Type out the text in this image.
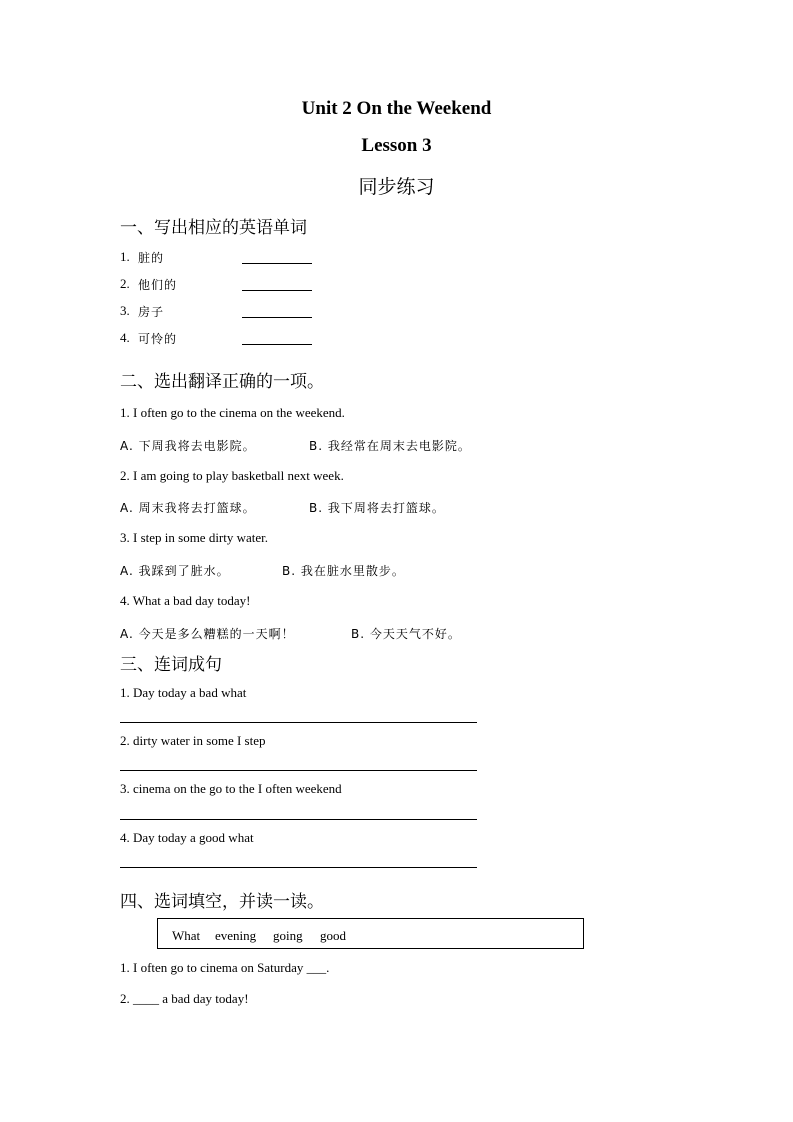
Unit 2 On the Weekend
Lesson 3
同步练习
一、写出相应的英语单词
1. 脏的
2. 他们的
3. 房子
4. 可怜的
二、选出翻译正确的一项。
1. I often go to the cinema on the weekend.
A. 下周我将去电影院。	B. 我经常在周末去电影院。
2. I am going to play basketball next week.
A. 周末我将去打篮球。	B. 我下周将去打篮球。
3. I step in some dirty water.
A. 我踩到了脏水。	B. 我在脏水里散步。
4. What a bad day today!
A. 今天是多么糟糕的一天啊！	B. 今天天气不好。
三、连词成句
1. Day today a bad what
2. dirty water in some I step
3. cinema on the go to the I often weekend
4. Day today a good what
四、选词填空，并读一读。
What evening going good
1. I often go to cinema on Saturday ___.
2. ____ a bad day today!
